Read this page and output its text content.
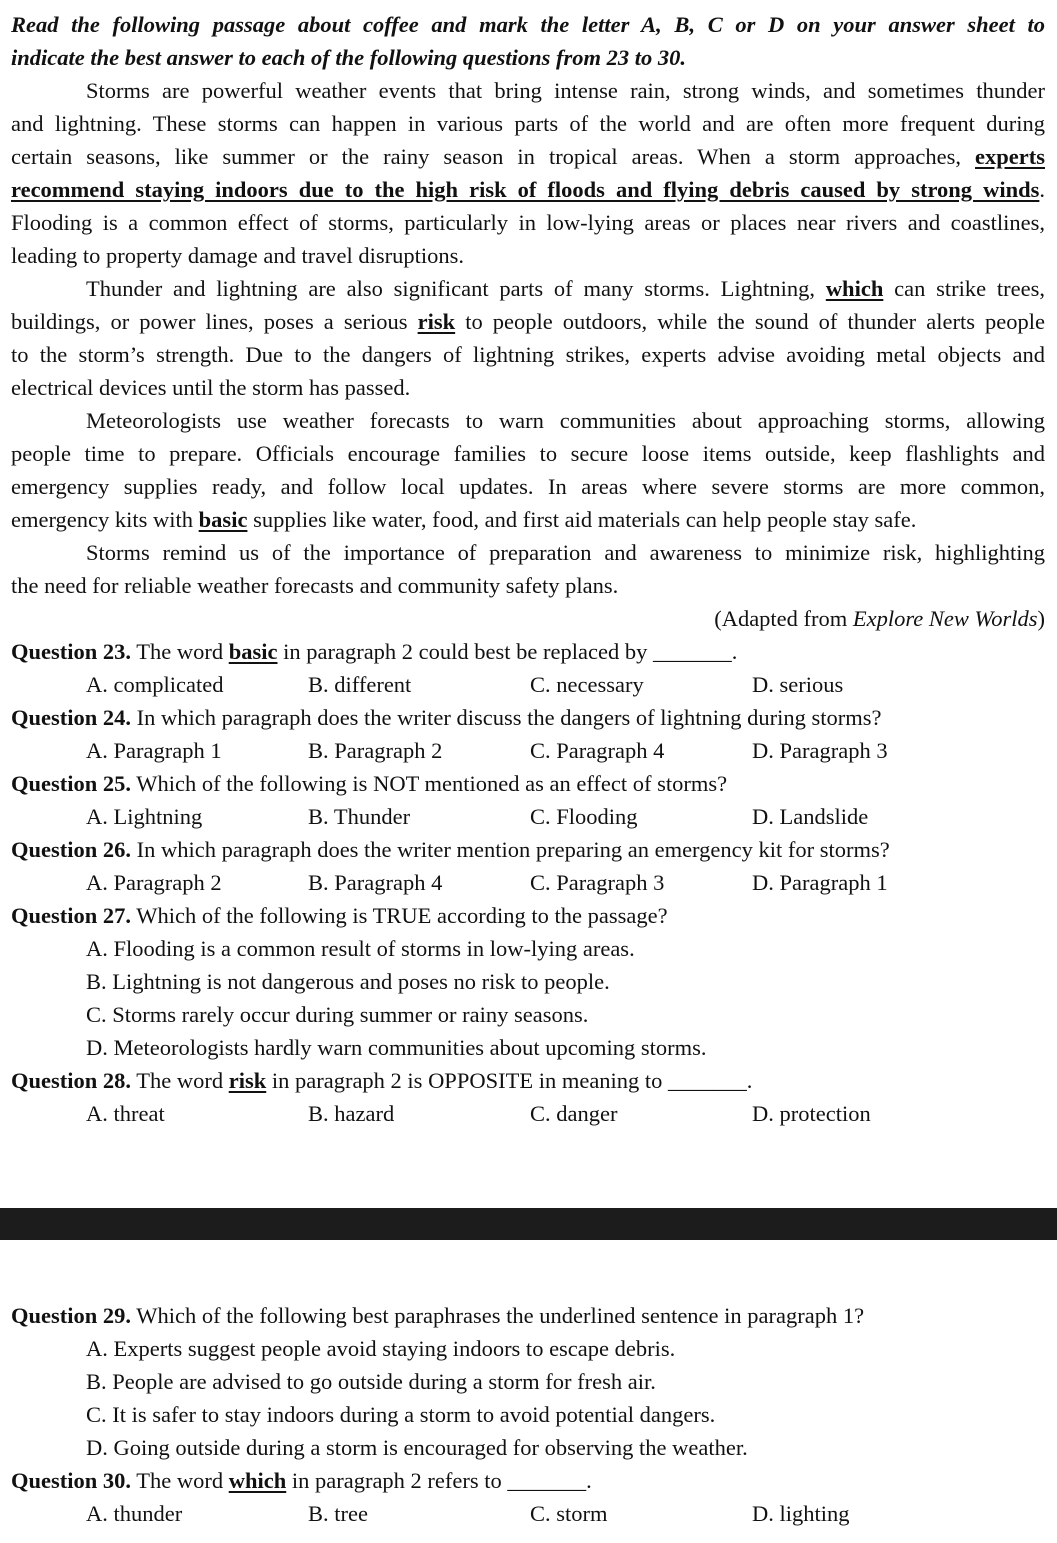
Read the following passage about coffee and mark the letter A, B, C or D on your answer sheet to
indicate the best answer to each of the following questions from 23 to 30.
Storms are powerful weather events that bring intense rain, strong winds, and sometimes thunder
and lightning. These storms can happen in various parts of the world and are often more frequent during
certain seasons, like summer or the rainy season in tropical areas. When a storm approaches, experts
recommend staying indoors due to the high risk of floods and flying debris caused by strong winds.
Flooding is a common effect of storms, particularly in low-lying areas or places near rivers and coastlines,
leading to property damage and travel disruptions.
Thunder and lightning are also significant parts of many storms. Lightning, which can strike trees,
buildings, or power lines, poses a serious risk to people outdoors, while the sound of thunder alerts people
to the storm’s strength. Due to the dangers of lightning strikes, experts advise avoiding metal objects and
electrical devices until the storm has passed.
Meteorologists use weather forecasts to warn communities about approaching storms, allowing
people time to prepare. Officials encourage families to secure loose items outside, keep flashlights and
emergency supplies ready, and follow local updates. In areas where severe storms are more common,
emergency kits with basic supplies like water, food, and first aid materials can help people stay safe.
Storms remind us of the importance of preparation and awareness to minimize risk, highlighting
the need for reliable weather forecasts and community safety plans.
(Adapted from Explore New Worlds)
Question 23. The word basic in paragraph 2 could best be replaced by _______.
A. complicated	B. different	C. necessary	D. serious
Question 24. In which paragraph does the writer discuss the dangers of lightning during storms?
A. Paragraph 1	B. Paragraph 2	C. Paragraph 4	D. Paragraph 3
Question 25. Which of the following is NOT mentioned as an effect of storms?
A. Lightning	B. Thunder	C. Flooding	D. Landslide
Question 26. In which paragraph does the writer mention preparing an emergency kit for storms?
A. Paragraph 2	B. Paragraph 4	C. Paragraph 3	D. Paragraph 1
Question 27. Which of the following is TRUE according to the passage?
A. Flooding is a common result of storms in low-lying areas.
B. Lightning is not dangerous and poses no risk to people.
C. Storms rarely occur during summer or rainy seasons.
D. Meteorologists hardly warn communities about upcoming storms.
Question 28. The word risk in paragraph 2 is OPPOSITE in meaning to _______.
A. threat	B. hazard	C. danger	D. protection
Question 29. Which of the following best paraphrases the underlined sentence in paragraph 1?
A. Experts suggest people avoid staying indoors to escape debris.
B. People are advised to go outside during a storm for fresh air.
C. It is safer to stay indoors during a storm to avoid potential dangers.
D. Going outside during a storm is encouraged for observing the weather.
Question 30. The word which in paragraph 2 refers to _______.
A. thunder	B. tree	C. storm	D. lighting
